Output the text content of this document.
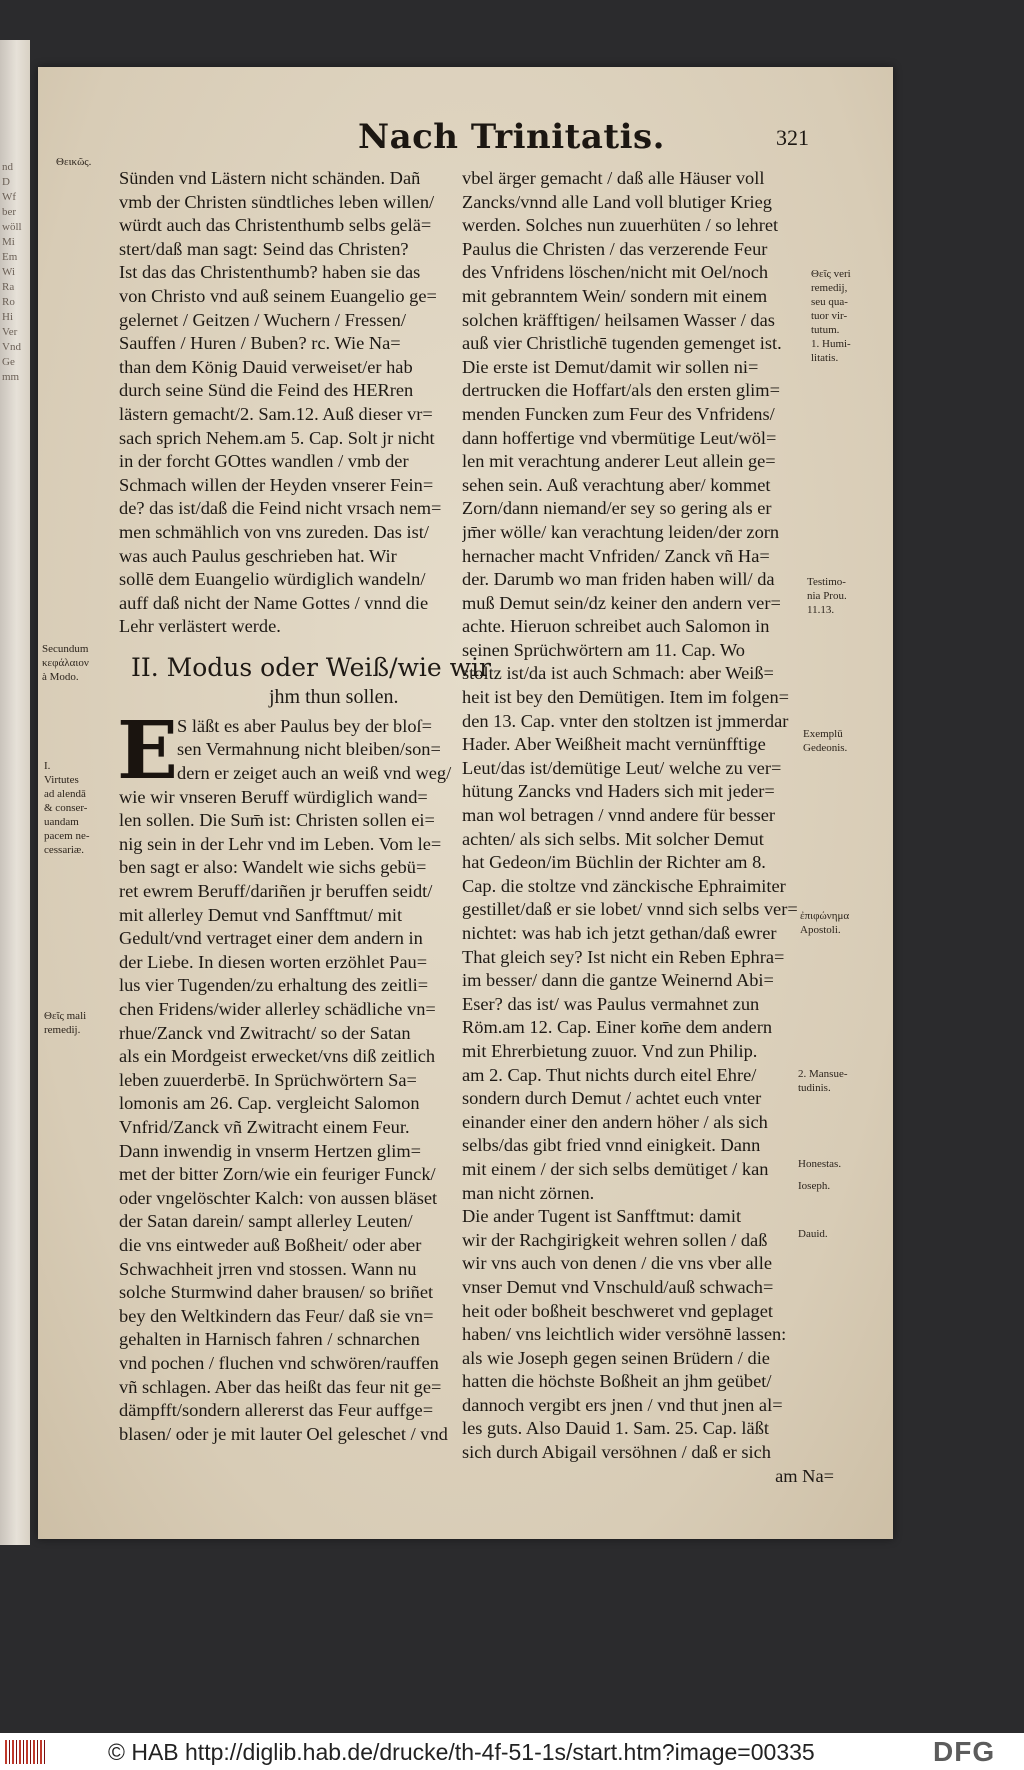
nd
D
Wf
ber
wöll
Mi
Em
Wi
Ra
Ro
Hi
Ver
Vnd
Ge
mm
Nach Trinitatis.	321
Θεικῶς.
Secundum
κεφάλαιον
à Modo.
I.
Virtutes
ad alendā
& conser-
uandam
pacem ne-
cessariæ.
Θεῖς mali
remedij.
Θεῖς veri
remedij,
seu qua-
tuor vir-
tutum.
1. Humi-
litatis.
Testimo-
nia Prou.
11.13.
Exemplū
Gedeonis.
ἐπιφώνημα
Apostoli.
2. Mansue-
tudinis.
Honestas.
Ioseph.
Dauid.
Sünden vnd Lästern nicht schänden. Dañ
vmb der Christen sündtliches leben willen/
würdt auch das Christenthumb selbs gelä=
stert/daß man sagt: Seind das Christen?
Ist das das Christenthumb? haben sie das
von Christo vnd auß seinem Euangelio ge=
gelernet / Geitzen / Wuchern / Fressen/
Sauffen / Huren / Buben? rc. Wie Na=
than dem König Dauid verweiset/er hab
durch seine Sünd die Feind des HERren
lästern gemacht/2. Sam.12. Auß dieser vr=
sach sprich Nehem.am 5. Cap. Solt jr nicht
in der forcht GOttes wandlen / vmb der
Schmach willen der Heyden vnserer Fein=
de? das ist/daß die Feind nicht vrsach nem=
men schmählich von vns zureden. Das ist/
was auch Paulus geschrieben hat. Wir
sollē dem Euangelio würdiglich wandeln/
auff daß nicht der Name Gottes / vnnd die
Lehr verlästert werde.
II. Modus oder Weiß/wie wir
jhm thun sollen.
E S läßt es aber Paulus bey der bloſ=
sen Vermahnung nicht bleiben/son=
dern er zeiget auch an weiß vnd weg/
wie wir vnseren Beruff würdiglich wand=
len sollen. Die Sum̄ ist: Christen sollen ei=
nig sein in der Lehr vnd im Leben. Vom le=
ben sagt er also: Wandelt wie sichs gebü=
ret ewrem Beruff/dariñen jr beruffen seidt/
mit allerley Demut vnd Sanfftmut/ mit
Gedult/vnd vertraget einer dem andern in
der Liebe. In diesen worten erzöhlet Pau=
lus vier Tugenden/zu erhaltung des zeitli=
chen Fridens/wider allerley schädliche vn=
rhue/Zanck vnd Zwitracht/ so der Satan
als ein Mordgeist erwecket/vns diß zeitlich
leben zuuerderbē. In Sprüchwörtern Sa=
lomonis am 26. Cap. vergleicht Salomon
Vnfrid/Zanck vñ Zwitracht einem Feur.
Dann inwendig in vnserm Hertzen glim=
met der bitter Zorn/wie ein feuriger Funck/
oder vngelöschter Kalch: von aussen bläset
der Satan darein/ sampt allerley Leuten/
die vns eintweder auß Boßheit/ oder aber
Schwachheit jrren vnd stossen. Wann nu
solche Sturmwind daher brausen/ so briñet
bey den Weltkindern das Feur/ daß sie vn=
gehalten in Harnisch fahren / schnarchen
vnd pochen / fluchen vnd schwören/rauffen
vñ schlagen. Aber das heißt das feur nit ge=
dämpfft/sondern allererst das Feur auffge=
blasen/ oder je mit lauter Oel geleschet / vnd
vbel ärger gemacht / daß alle Häuser voll
Zancks/vnnd alle Land voll blutiger Krieg
werden. Solches nun zuuerhüten / so lehret
Paulus die Christen / das verzerende Feur
des Vnfridens löschen/nicht mit Oel/noch
mit gebranntem Wein/ sondern mit einem
solchen kräfftigen/ heilsamen Wasser / das
auß vier Christlichē tugenden gemenget ist.
Die erste ist Demut/damit wir sollen ni=
dertrucken die Hoffart/als den ersten glim=
menden Funcken zum Feur des Vnfridens/
dann hoffertige vnd vbermütige Leut/wöl=
len mit verachtung anderer Leut allein ge=
sehen sein. Auß verachtung aber/ kommet
Zorn/dann niemand/er sey so gering als er
jm̄er wölle/ kan verachtung leiden/der zorn
hernacher macht Vnfriden/ Zanck vñ Ha=
der. Darumb wo man friden haben will/ da
muß Demut sein/dz keiner den andern ver=
achte. Hieruon schreibet auch Salomon in
seinen Sprüchwörtern am 11. Cap. Wo
stoltz ist/da ist auch Schmach: aber Weiß=
heit ist bey den Demütigen. Item im folgen=
den 13. Cap. vnter den stoltzen ist jmmerdar
Hader. Aber Weißheit macht vernünfftige
Leut/das ist/demütige Leut/ welche zu ver=
hütung Zancks vnd Haders sich mit jeder=
man wol betragen / vnnd andere für besser
achten/ als sich selbs. Mit solcher Demut
hat Gedeon/im Büchlin der Richter am 8.
Cap. die stoltze vnd zänckische Ephraimiter
gestillet/daß er sie lobet/ vnnd sich selbs ver=
nichtet: was hab ich jetzt gethan/daß ewrer
That gleich sey? Ist nicht ein Reben Ephra=
im besser/ dann die gantze Weinernd Abi=
Eser? das ist/ was Paulus vermahnet zun
Röm.am 12. Cap. Einer kom̄e dem andern
mit Ehrerbietung zuuor. Vnd zun Philip.
am 2. Cap. Thut nichts durch eitel Ehre/
sondern durch Demut / achtet euch vnter
einander einer den andern höher / als sich
selbs/das gibt fried vnnd einigkeit. Dann
mit einem / der sich selbs demütiget / kan
man nicht zörnen.
Die ander Tugent ist Sanfftmut: damit
wir der Rachgirigkeit wehren sollen / daß
wir vns auch von denen / die vns vber alle
vnser Demut vnd Vnschuld/auß schwach=
heit oder boßheit beschweret vnd geplaget
haben/ vns leichtlich wider versöhnē lassen:
als wie Joseph gegen seinen Brüdern / die
hatten die höchste Boßheit an jhm geübet/
dannoch vergibt ers jnen / vnd thut jnen al=
les guts. Also Dauid 1. Sam. 25. Cap. läßt
sich durch Abigail versöhnen / daß er sich
am Na=
© HAB http://diglib.hab.de/drucke/th-4f-51-1s/start.htm?image=00335	DFG
